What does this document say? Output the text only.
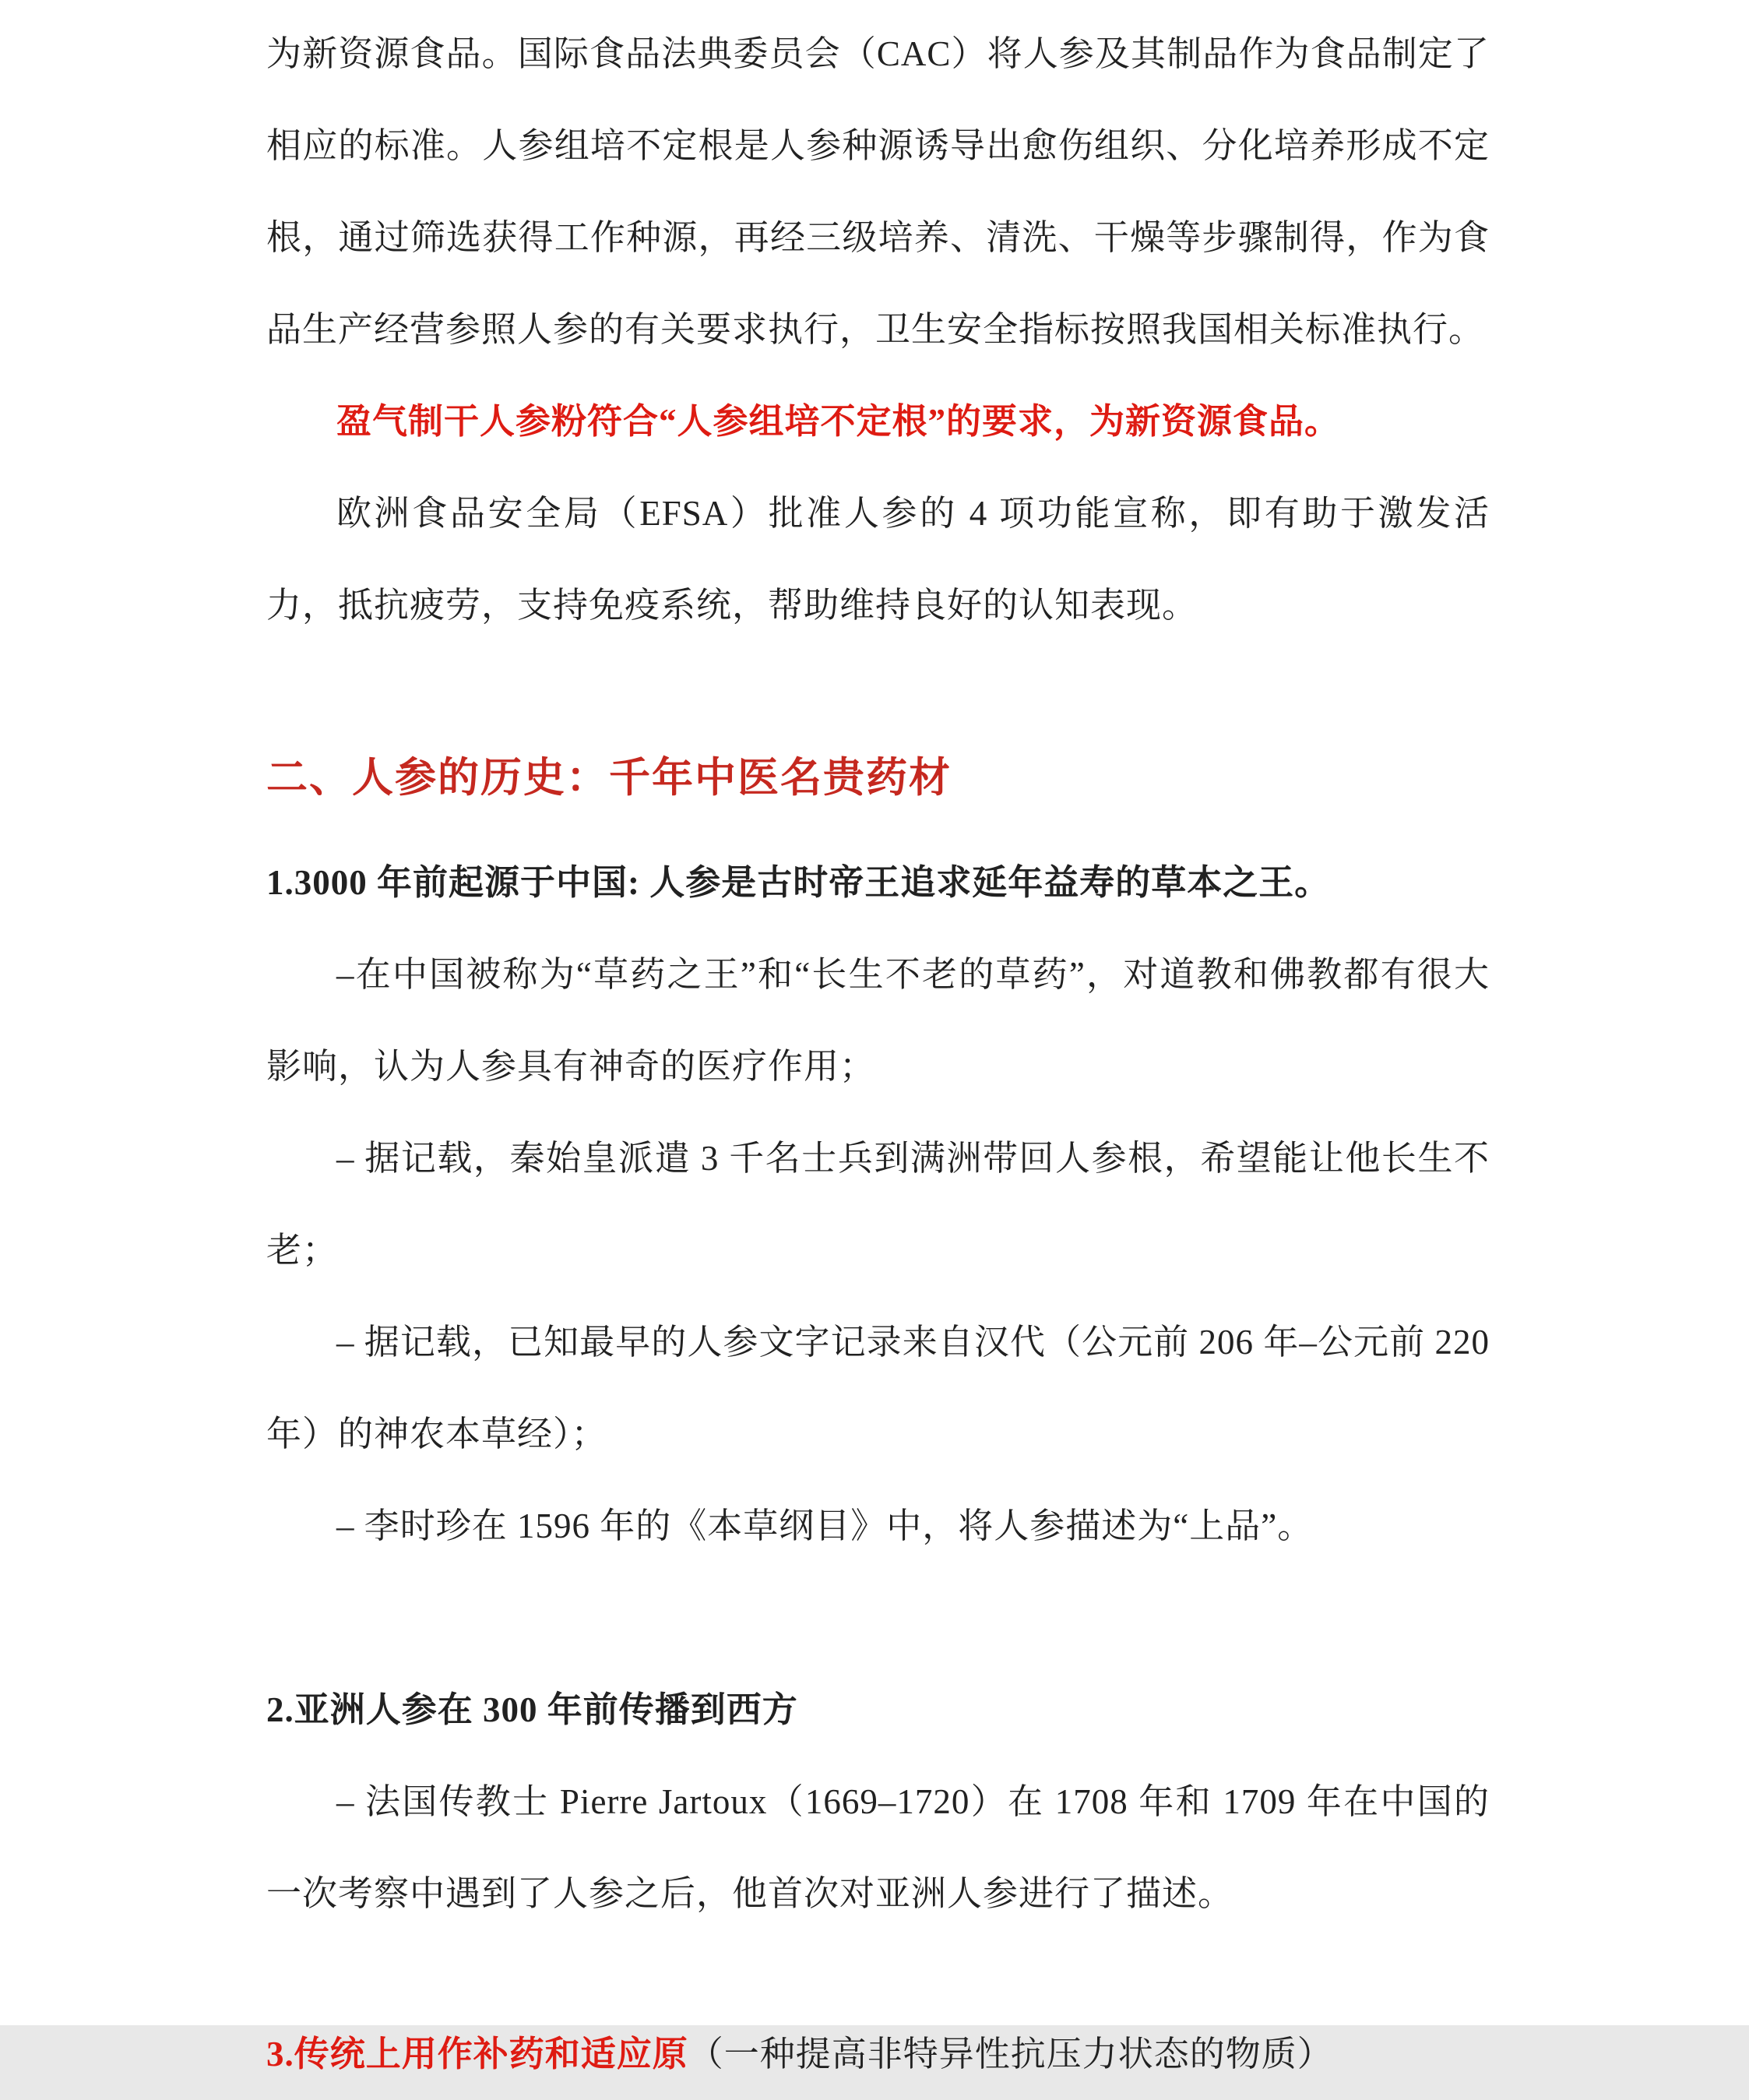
为新资源食品。国际食品法典委员会（CAC）将人参及其制品作为食品制定了相应的标准。人参组培不定根是人参种源诱导出愈伤组织、分化培养形成不定根，通过筛选获得工作种源，再经三级培养、清洗、干燥等步骤制得，作为食品生产经营参照人参的有关要求执行，卫生安全指标按照我国相关标准执行。

盈气制干人参粉符合“人参组培不定根”的要求，为新资源食品。

欧洲食品安全局（EFSA）批准人参的 4 项功能宣称，即有助于激发活力，抵抗疲劳，支持免疫系统，帮助维持良好的认知表现。

二、人参的历史：千年中医名贵药材

1.3000 年前起源于中国: 人参是古时帝王追求延年益寿的草本之王。

–在中国被称为“草药之王”和“长生不老的草药”，对道教和佛教都有很大影响，认为人参具有神奇的医疗作用；

– 据记载，秦始皇派遣 3 千名士兵到满洲带回人参根，希望能让他长生不老；

– 据记载，已知最早的人参文字记录来自汉代（公元前 206 年–公元前 220 年）的神农本草经）；

– 李时珍在 1596 年的《本草纲目》中，将人参描述为“上品”。

2.亚洲人参在 300 年前传播到西方

– 法国传教士 Pierre Jartoux（1669–1720）在 1708 年和 1709 年在中国的一次考察中遇到了人参之后，他首次对亚洲人参进行了描述。

3.传统上用作补药和适应原（一种提高非特异性抗压力状态的物质）
